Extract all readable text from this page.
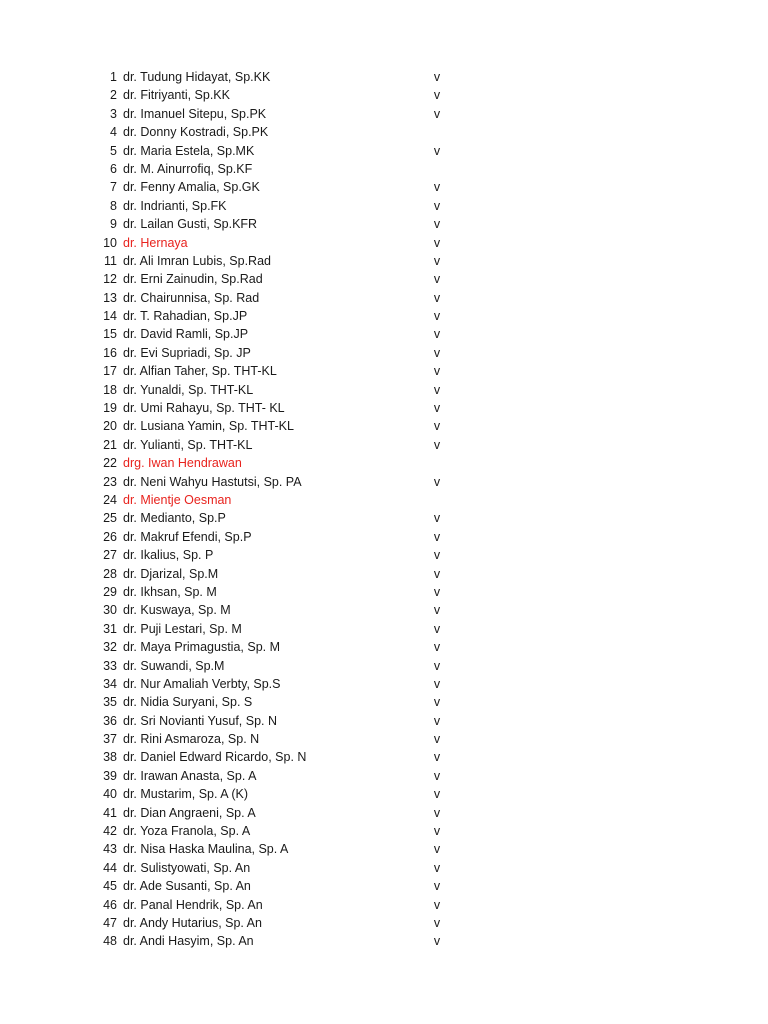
1 dr. Tudung Hidayat, Sp.KK	v
2 dr. Fitriyanti, Sp.KK	v
3 dr. Imanuel Sitepu, Sp.PK	v
4 dr. Donny Kostradi, Sp.PK
5 dr. Maria Estela, Sp.MK	v
6 dr. M. Ainurrofiq, Sp.KF
7 dr. Fenny Amalia, Sp.GK	v
8 dr. Indrianti, Sp.FK	v
9 dr. Lailan Gusti, Sp.KFR	v
10 dr. Hernaya	v
11 dr. Ali Imran Lubis, Sp.Rad	v
12 dr. Erni Zainudin, Sp.Rad	v
13 dr. Chairunnisa, Sp. Rad	v
14 dr. T. Rahadian, Sp.JP	v
15 dr. David Ramli, Sp.JP	v
16 dr. Evi Supriadi, Sp. JP	v
17 dr. Alfian Taher, Sp. THT-KL	v
18 dr. Yunaldi, Sp. THT-KL	v
19 dr. Umi Rahayu, Sp. THT- KL	v
20 dr. Lusiana Yamin, Sp. THT-KL	v
21 dr. Yulianti, Sp. THT-KL	v
22 drg. Iwan Hendrawan
23 dr. Neni Wahyu Hastutsi, Sp. PA	v
24 dr. Mientje Oesman
25 dr. Medianto, Sp.P	v
26 dr. Makruf Efendi, Sp.P	v
27 dr. Ikalius, Sp. P	v
28 dr. Djarizal, Sp.M	v
29 dr. Ikhsan, Sp. M	v
30 dr. Kuswaya, Sp. M	v
31 dr. Puji Lestari, Sp. M	v
32 dr. Maya Primagustia, Sp. M	v
33 dr. Suwandi, Sp.M	v
34 dr. Nur Amaliah Verbty, Sp.S	v
35 dr. Nidia Suryani, Sp. S	v
36 dr. Sri Novianti Yusuf, Sp. N	v
37 dr. Rini Asmaroza, Sp. N	v
38 dr. Daniel Edward Ricardo, Sp. N	v
39 dr. Irawan Anasta, Sp. A	v
40 dr. Mustarim, Sp. A (K)	v
41 dr. Dian Angraeni, Sp. A	v
42 dr. Yoza Franola, Sp. A	v
43 dr. Nisa Haska Maulina, Sp. A	v
44 dr. Sulistyowati, Sp. An	v
45 dr. Ade Susanti, Sp. An	v
46 dr. Panal Hendrik, Sp. An	v
47 dr. Andy Hutarius, Sp. An	v
48 dr. Andi Hasyim, Sp. An	v
